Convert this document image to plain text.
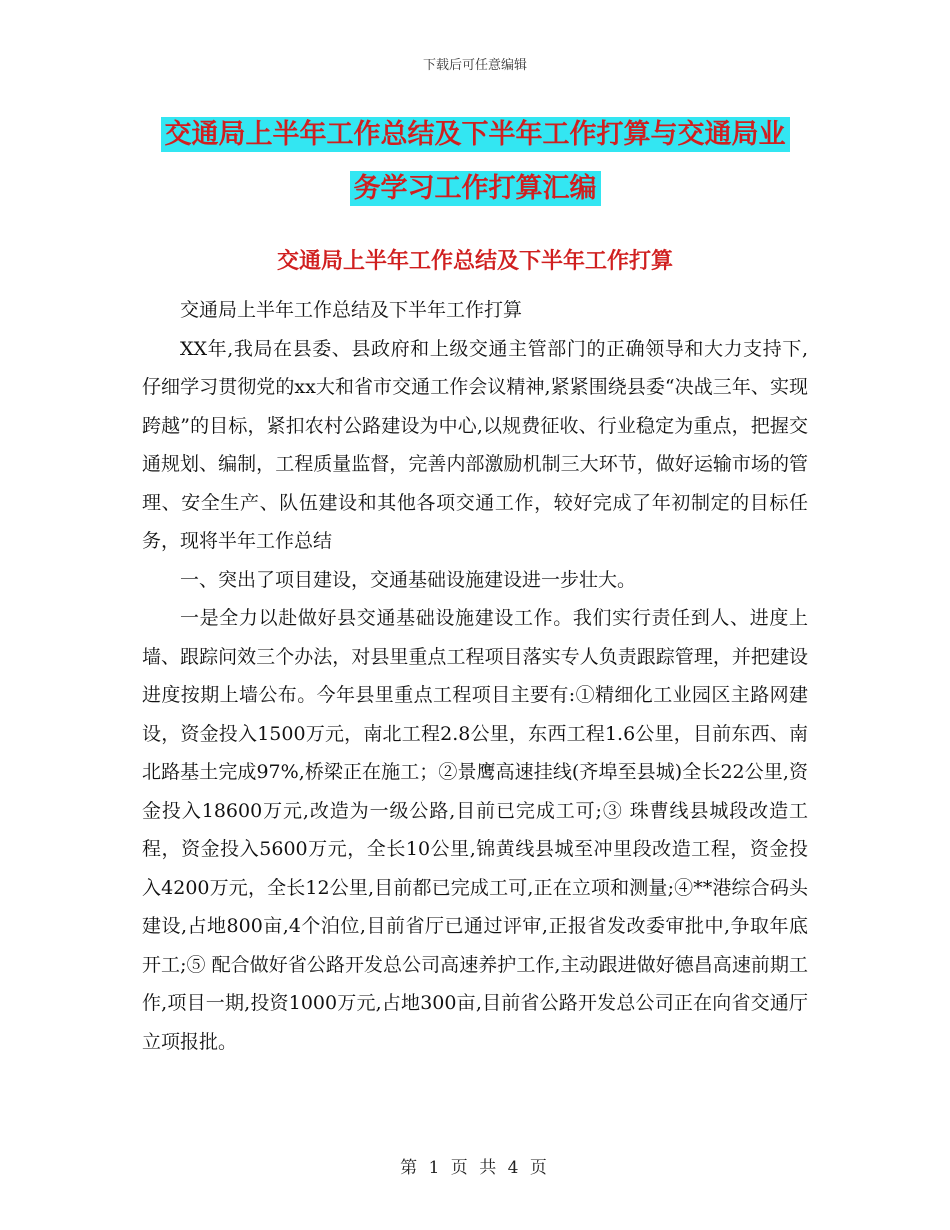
下载后可任意编辑
交通局上半年工作总结及下半年工作打算与交通局业
务学习工作打算汇编
交通局上半年工作总结及下半年工作打算

交通局上半年工作总结及下半年工作打算

XX年,我局在县委、县政府和上级交通主管部门的正确领导和大力支持下,仔细学习贯彻党的xx大和省市交通工作会议精神,紧紧围绕县委“决战三年、实现跨越”的目标，紧扣农村公路建设为中心,以规费征收、行业稳定为重点，把握交通规划、编制，工程质量监督，完善内部激励机制三大环节，做好运输市场的管理、安全生产、队伍建设和其他各项交通工作，较好完成了年初制定的目标任务，现将半年工作总结

一、突出了项目建设，交通基础设施建设进一步壮大。

一是全力以赴做好县交通基础设施建设工作。我们实行责任到人、进度上墙、跟踪问效三个办法，对县里重点工程项目落实专人负责跟踪管理，并把建设进度按期上墙公布。今年县里重点工程项目主要有:①精细化工业园区主路网建设，资金投入1500万元，南北工程2.8公里，东西工程1.6公里，目前东西、南北路基土完成97%,桥梁正在施工；②景鹰高速挂线(齐埠至县城)全长22公里,资金投入18600万元,改造为一级公路,目前已完成工可;③ 珠曹线县城段改造工程，资金投入5600万元，全长10公里,锦黄线县城至冲里段改造工程，资金投入4200万元，全长12公里,目前都已完成工可,正在立项和测量;④**港综合码头建设,占地800亩,4个泊位,目前省厅已通过评审,正报省发改委审批中,争取年底开工;⑤ 配合做好省公路开发总公司高速养护工作,主动跟进做好德昌高速前期工作,项目一期,投资1000万元,占地300亩,目前省公路开发总公司正在向省交通厅立项报批。

第 1 页 共 4 页
